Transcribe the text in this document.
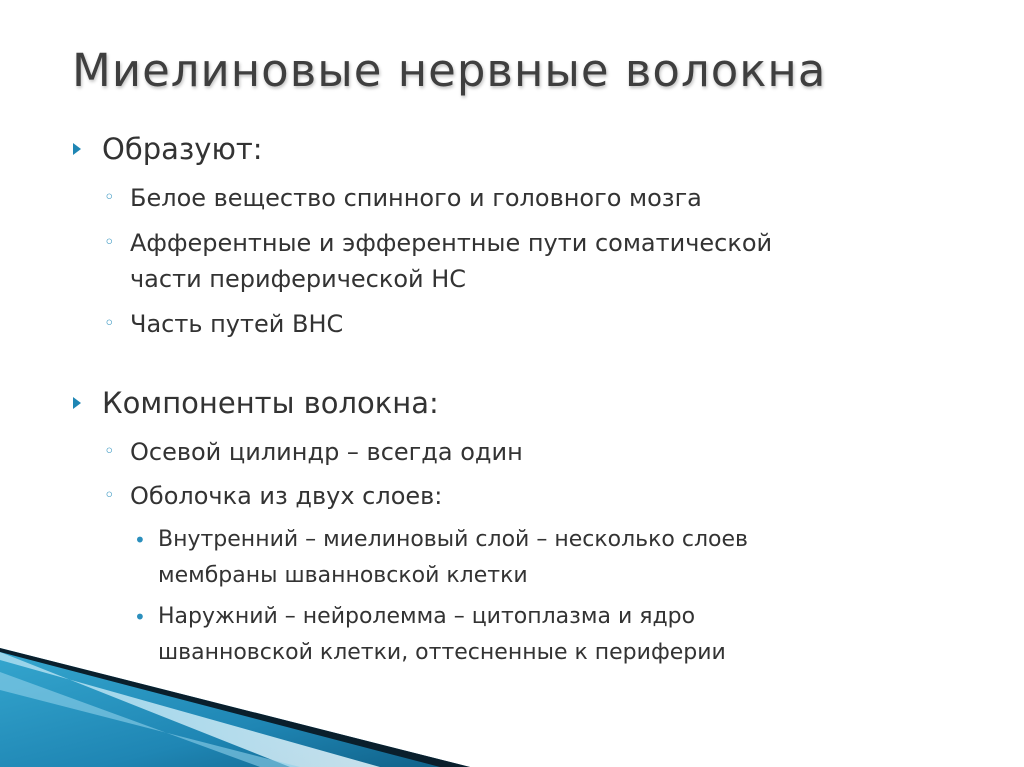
Миелиновые нервные волокна
Образуют:
◦ Белое вещество спинного и головного мозга
◦ Афферентные и эфферентные пути соматической
части периферической НС
◦ Часть путей ВНС
Компоненты волокна:
◦ Осевой цилиндр – всегда один
◦ Оболочка из двух слоев:
• Внутренний – миелиновый слой – несколько слоев
мембраны шванновской клетки
• Наружний – нейролемма – цитоплазма и ядро
шванновской клетки, оттесненные к периферии
